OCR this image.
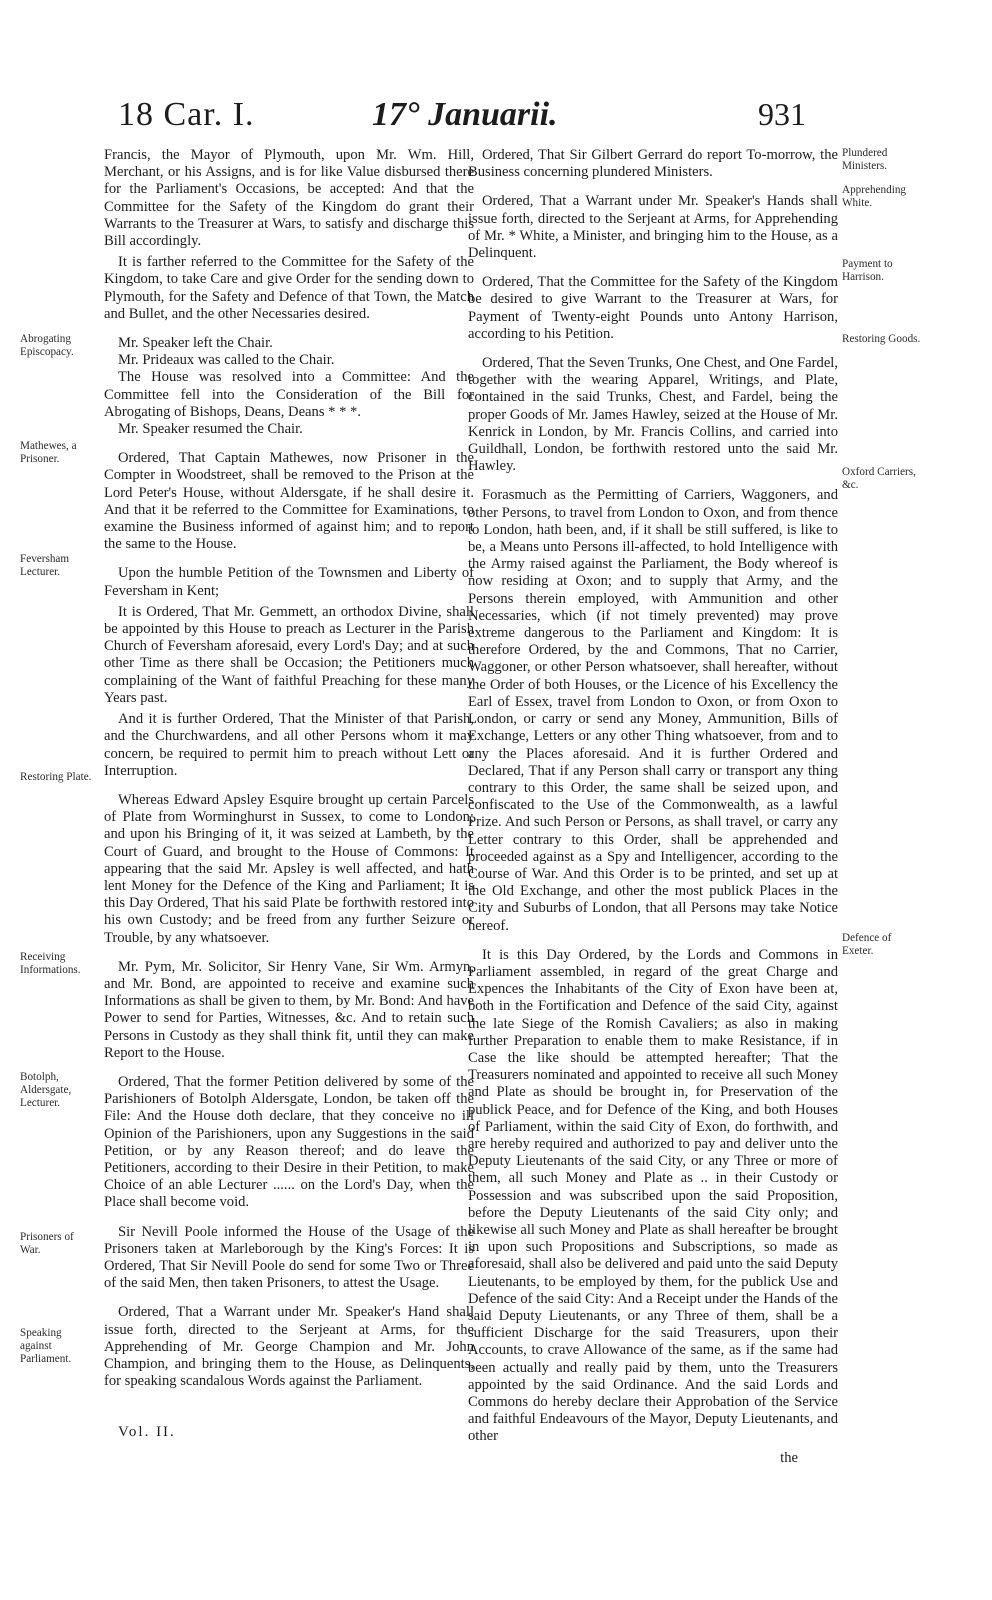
18 Car. I.	17° Januarii.	931

Francis, the Mayor of Plymouth, upon Mr. Wm. Hill, Merchant, or his Assigns, and is for like Value disbursed there for the Parliament's Occasions, be accepted: And that the Committee for the Safety of the Kingdom do grant their Warrants to the Treasurer at Wars, to satisfy and discharge this Bill accordingly.

It is farther referred to the Committee for the Safety of the Kingdom, to take Care and give Order for the sending down to Plymouth, for the Safety and Defence of that Town, the Match and Bullet, and the other Necessaries desired.

Mr. Speaker left the Chair.

Mr. Prideaux was called to the Chair.

The House was resolved into a Committee: And the Committee fell into the Consideration of the Bill for Abrogating of Bishops, Deans, Deans * * *.

Mr. Speaker resumed the Chair.

Ordered, That Captain Mathewes, now Prisoner in the Compter in Woodstreet, shall be removed to the Prison at the Lord Peter's House, without Aldersgate, if he shall desire it. And that it be referred to the Committee for Examinations, to examine the Business informed of against him; and to report the same to the House.

Upon the humble Petition of the Townsmen and Liberty of Feversham in Kent;

It is Ordered, That Mr. Gemmett, an orthodox Divine, shall be appointed by this House to preach as Lecturer in the Parish Church of Feversham aforesaid, every Lord's Day; and at such other Time as there shall be Occasion; the Petitioners much complaining of the Want of faithful Preaching for these many Years past.

And it is further Ordered, That the Minister of that Parish, and the Churchwardens, and all other Persons whom it may concern, be required to permit him to preach without Lett or Interruption.

Whereas Edward Apsley Esquire brought up certain Parcels of Plate from Worminghurst in Sussex, to come to London; and upon his Bringing of it, it was seized at Lambeth, by the Court of Guard, and brought to the House of Commons: It appearing that the said Mr. Apsley is well affected, and hath lent Money for the Defence of the King and Parliament; It is this Day Ordered, That his said Plate be forthwith restored into his own Custody; and be freed from any further Seizure or Trouble, by any whatsoever.

Mr. Pym, Mr. Solicitor, Sir Henry Vane, Sir Wm. Armyn, and Mr. Bond, are appointed to receive and examine such Informations as shall be given to them, by Mr. Bond: And have Power to send for Parties, Witnesses, &c. And to retain such Persons in Custody as they shall think fit, until they can make Report to the House.

Ordered, That the former Petition delivered by some of the Parishioners of Botolph Aldersgate, London, be taken off the File: And the House doth declare, that they conceive no ill Opinion of the Parishioners, upon any Suggestions in the said Petition, or by any Reason thereof; and do leave the Petitioners, according to their Desire in their Petition, to make Choice of an able Lecturer ...... on the Lord's Day, when the Place shall become void.

Sir Nevill Poole informed the House of the Usage of the Prisoners taken at Marleborough by the King's Forces: It is Ordered, That Sir Nevill Poole do send for some Two or Three of the said Men, then taken Prisoners, to attest the Usage.

Ordered, That a Warrant under Mr. Speaker's Hand shall issue forth, directed to the Serjeant at Arms, for the Apprehending of Mr. George Champion and Mr. John Champion, and bringing them to the House, as Delinquents, for speaking scandalous Words against the Parliament.

Ordered, That Sir Gilbert Gerrard do report To-morrow, the Business concerning plundered Ministers.

Ordered, That a Warrant under Mr. Speaker's Hands shall issue forth, directed to the Serjeant at Arms, for Apprehending of Mr. * White, a Minister, and bringing him to the House, as a Delinquent.

Ordered, That the Committee for the Safety of the Kingdom be desired to give Warrant to the Treasurer at Wars, for Payment of Twenty-eight Pounds unto Antony Harrison, according to his Petition.

Ordered, That the Seven Trunks, One Chest, and One Fardel, together with the wearing Apparel, Writings, and Plate, contained in the said Trunks, Chest, and Fardel, being the proper Goods of Mr. James Hawley, seized at the House of Mr. Kenrick in London, by Mr. Francis Collins, and carried into Guildhall, London, be forthwith restored unto the said Mr. Hawley.

Forasmuch as the Permitting of Carriers, Waggoners, and other Persons, to travel from London to Oxon, and from thence to London, hath been, and, if it shall be still suffered, is like to be, a Means unto Persons ill-affected, to hold Intelligence with the Army raised against the Parliament, the Body whereof is now residing at Oxon; and to supply that Army, and the Persons therein employed, with Ammunition and other Necessaries, which (if not timely prevented) may prove extreme dangerous to the Parliament and Kingdom: It is therefore Ordered, by the and Commons, That no Carrier, Waggoner, or other Person whatsoever, shall hereafter, without the Order of both Houses, or the Licence of his Excellency the Earl of Essex, travel from London to Oxon, or from Oxon to London, or carry or send any Money, Ammunition, Bills of Exchange, Letters or any other Thing whatsoever, from and to any the Places aforesaid. And it is further Ordered and Declared, That if any Person shall carry or transport any thing contrary to this Order, the same shall be seized upon, and confiscated to the Use of the Commonwealth, as a lawful Prize. And such Person or Persons, as shall travel, or carry any Letter contrary to this Order, shall be apprehended and proceeded against as a Spy and Intelligencer, according to the Course of War. And this Order is to be printed, and set up at the Old Exchange, and other the most publick Places in the City and Suburbs of London, that all Persons may take Notice hereof.

It is this Day Ordered, by the Lords and Commons in Parliament assembled, in regard of the great Charge and Expences the Inhabitants of the City of Exon have been at, both in the Fortification and Defence of the said City, against the late Siege of the Romish Cavaliers; as also in making further Preparation to enable them to make Resistance, if in Case the like should be attempted hereafter; That the Treasurers nominated and appointed to receive all such Money and Plate as should be brought in, for Preservation of the publick Peace, and for Defence of the King, and both Houses of Parliament, within the said City of Exon, do forthwith, and are hereby required and authorized to pay and deliver unto the Deputy Lieutenants of the said City, or any Three or more of them, all such Money and Plate as .. in their Custody or Possession and was subscribed upon the said Proposition, before the Deputy Lieutenants of the said City only; and likewise all such Money and Plate as shall hereafter be brought in upon such Propositions and Subscriptions, so made as aforesaid, shall also be delivered and paid unto the said Deputy Lieutenants, to be employed by them, for the publick Use and Defence of the said City: And a Receipt under the Hands of the said Deputy Lieutenants, or any Three of them, shall be a sufficient Discharge for the said Treasurers, upon their Accounts, to crave Allowance of the same, as if the same had been actually and really paid by them, unto the Treasurers appointed by the said Ordinance. And the said Lords and Commons do hereby declare their Approbation of the Service and faithful Endeavours of the Mayor, Deputy Lieutenants, and other

the

Vol. II.
Abrogating Episcopacy.
Mathewes, a Prisoner.
Feversham Lecturer.
Restoring Plate.
Receiving Informations.
Botolph, Aldersgate, Lecturer.
Prisoners of War.
Speaking against Parliament.
Plundered Ministers.
Apprehending White.
Payment to Harrison.
Restoring Goods.
Oxford Carriers, &c.
Defence of Exeter.
